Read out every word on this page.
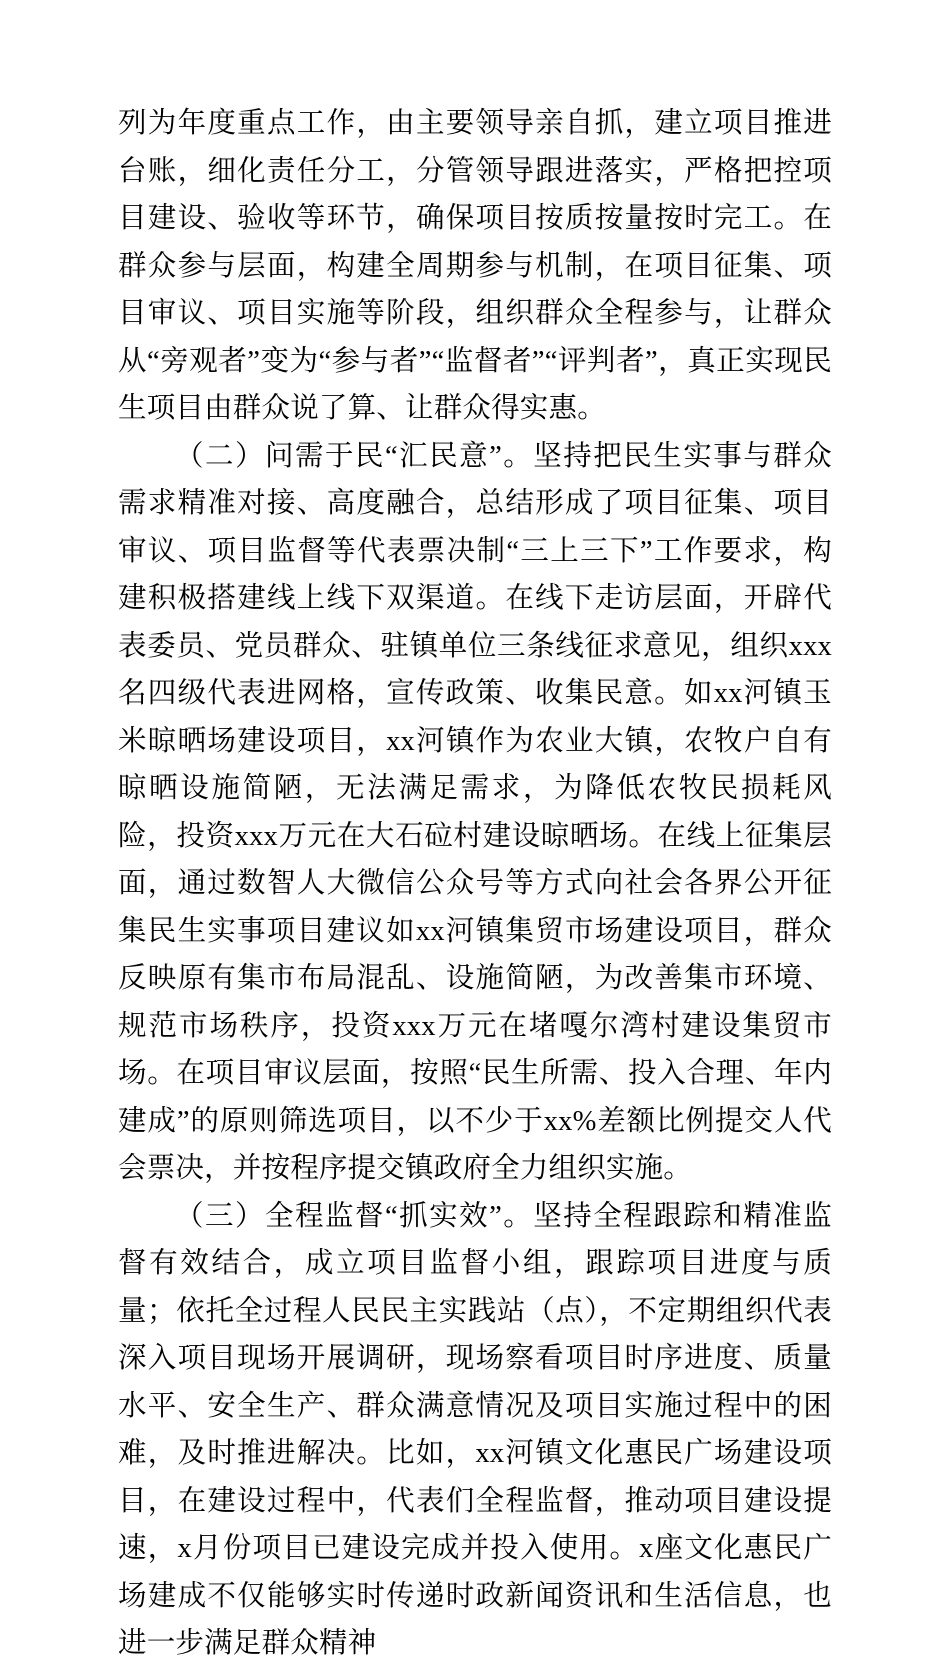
列为年度重点工作，由主要领导亲自抓，建立项目推进台账，细化责任分工，分管领导跟进落实，严格把控项目建设、验收等环节，确保项目按质按量按时完工。在群众参与层面，构建全周期参与机制，在项目征集、项目审议、项目实施等阶段，组织群众全程参与，让群众从“旁观者”变为“参与者”“监督者”“评判者”，真正实现民生项目由群众说了算、让群众得实惠。

（二）问需于民“汇民意”。坚持把民生实事与群众需求精准对接、高度融合，总结形成了项目征集、项目审议、项目监督等代表票决制“三上三下”工作要求，构建积极搭建线上线下双渠道。在线下走访层面，开辟代表委员、党员群众、驻镇单位三条线征求意见，组织xxx名四级代表进网格，宣传政策、收集民意。如xx河镇玉米晾晒场建设项目，xx河镇作为农业大镇，农牧户自有晾晒设施简陋，无法满足需求，为降低农牧民损耗风险，投资xxx万元在大石砬村建设晾晒场。在线上征集层面，通过数智人大微信公众号等方式向社会各界公开征集民生实事项目建议如xx河镇集贸市场建设项目，群众反映原有集市布局混乱、设施简陋，为改善集市环境、规范市场秩序，投资xxx万元在堵嘎尔湾村建设集贸市场。在项目审议层面，按照“民生所需、投入合理、年内建成”的原则筛选项目，以不少于xx%差额比例提交人代会票决，并按程序提交镇政府全力组织实施。

（三）全程监督“抓实效”。坚持全程跟踪和精准监督有效结合，成立项目监督小组，跟踪项目进度与质量；依托全过程人民民主实践站（点），不定期组织代表深入项目现场开展调研，现场察看项目时序进度、质量水平、安全生产、群众满意情况及项目实施过程中的困难，及时推进解决。比如，xx河镇文化惠民广场建设项目，在建设过程中，代表们全程监督，推动项目建设提速，x月份项目已建设完成并投入使用。x座文化惠民广场建成不仅能够实时传递时政新闻资讯和生活信息，也进一步满足群众精神
